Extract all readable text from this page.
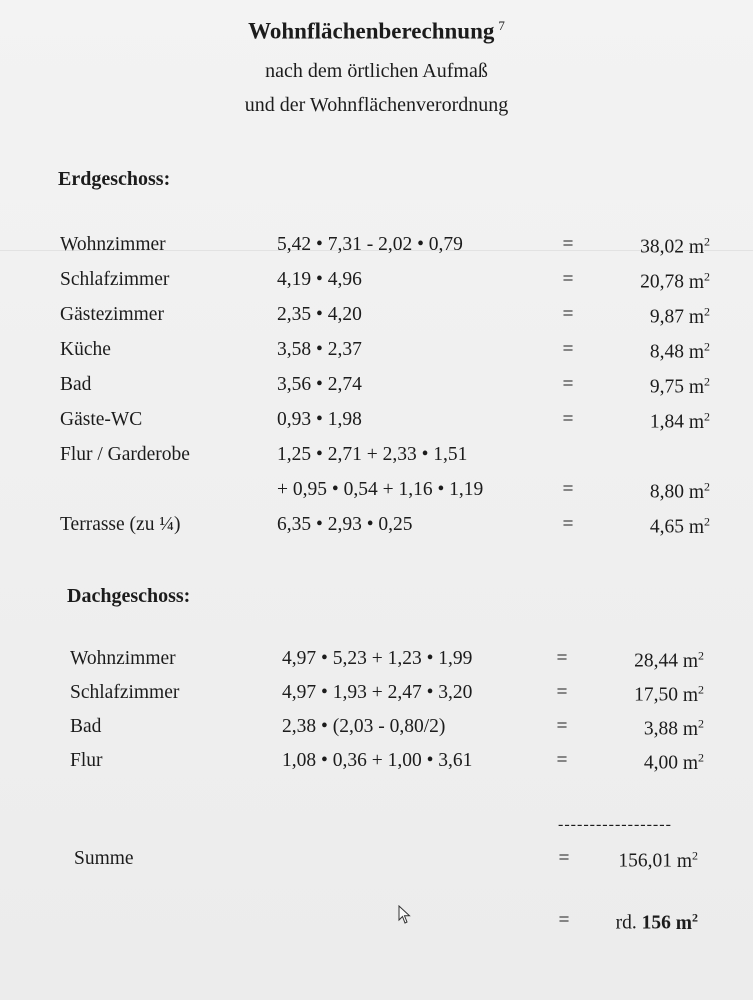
Wohnflächenberechnung $^7$
nach dem örtlichen Aufmaß
und der Wohnflächenverordnung
Erdgeschoss:
Wohnzimmer	5,42 • 7,31 - 2,02 • 0,79	=	38,02 $m^2$
Schlafzimmer	4,19 • 4,96	=	20,78 $m^2$
Gästezimmer	2,35 • 4,20	=	9,87 $m^2$
Küche	3,58 • 2,37	=	8,48 $m^2$
Bad	3,56 • 2,74	=	9,75 $m^2$
Gäste-WC	0,93 • 1,98	=	1,84 $m^2$
Flur / Garderobe	1,25 • 2,71 + 2,33 • 1,51
+ 0,95 • 0,54 + 1,16 • 1,19	=	8,80 $m^2$
Terrasse (zu ¼)	6,35 • 2,93 • 0,25	=	4,65 $m^2$
Dachgeschoss:
Wohnzimmer	4,97 • 5,23 + 1,23 • 1,99	=	28,44 $m^2$
Schlafzimmer	4,97 • 1,93 + 2,47 • 3,20	=	17,50 $m^2$
Bad	2,38 • (2,03 - 0,80/2)	=	3,88 $m^2$
Flur	1,08 • 0,36 + 1,00 • 3,61	=	4,00 $m^2$
------------------
Summe	=	156,01 $m^2$
=	rd. 156 $m^2$
